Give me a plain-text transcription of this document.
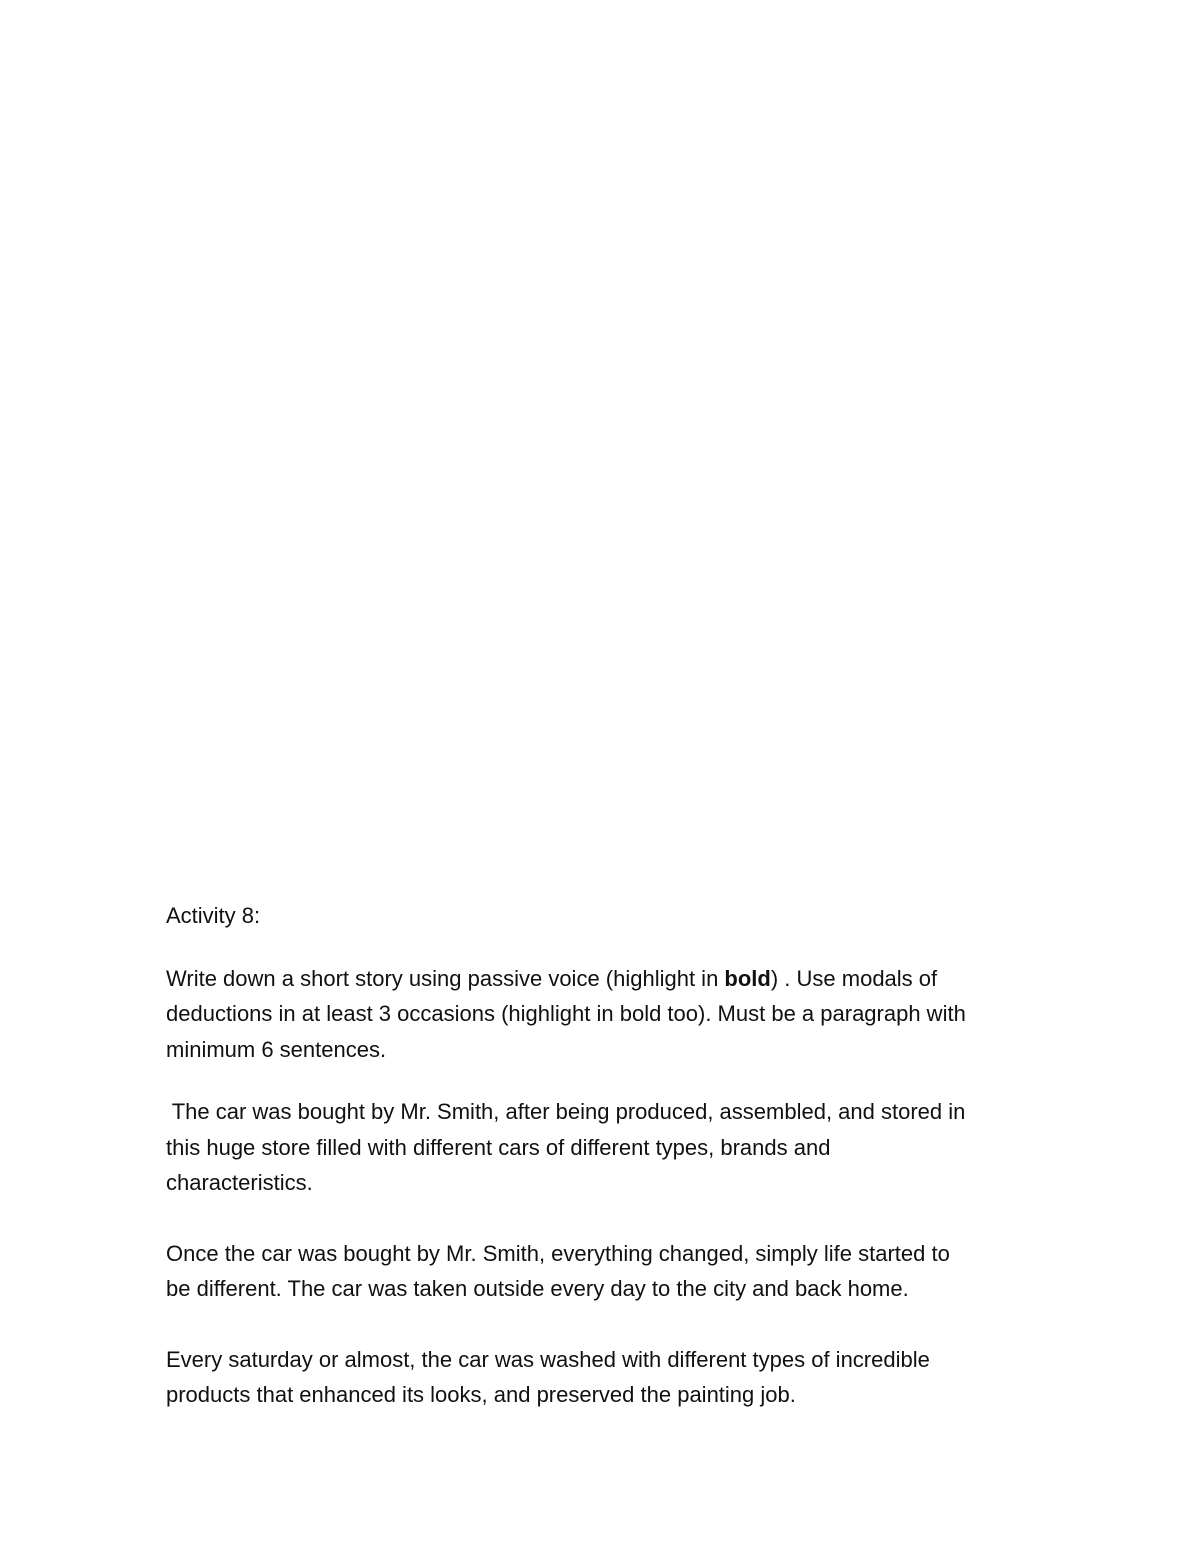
Activity 8:
Write down a short story using passive voice (highlight in bold) . Use modals of
deductions in at least 3 occasions (highlight in bold too). Must be a paragraph with
minimum 6 sentences.
The car was bought by Mr. Smith, after being produced, assembled, and stored in
this huge store filled with different cars of different types, brands and
characteristics.
Once the car was bought by Mr. Smith, everything changed, simply life started to
be different. The car was taken outside every day to the city and back home.
Every saturday or almost, the car was washed with different types of incredible
products that enhanced its looks, and preserved the painting job.
